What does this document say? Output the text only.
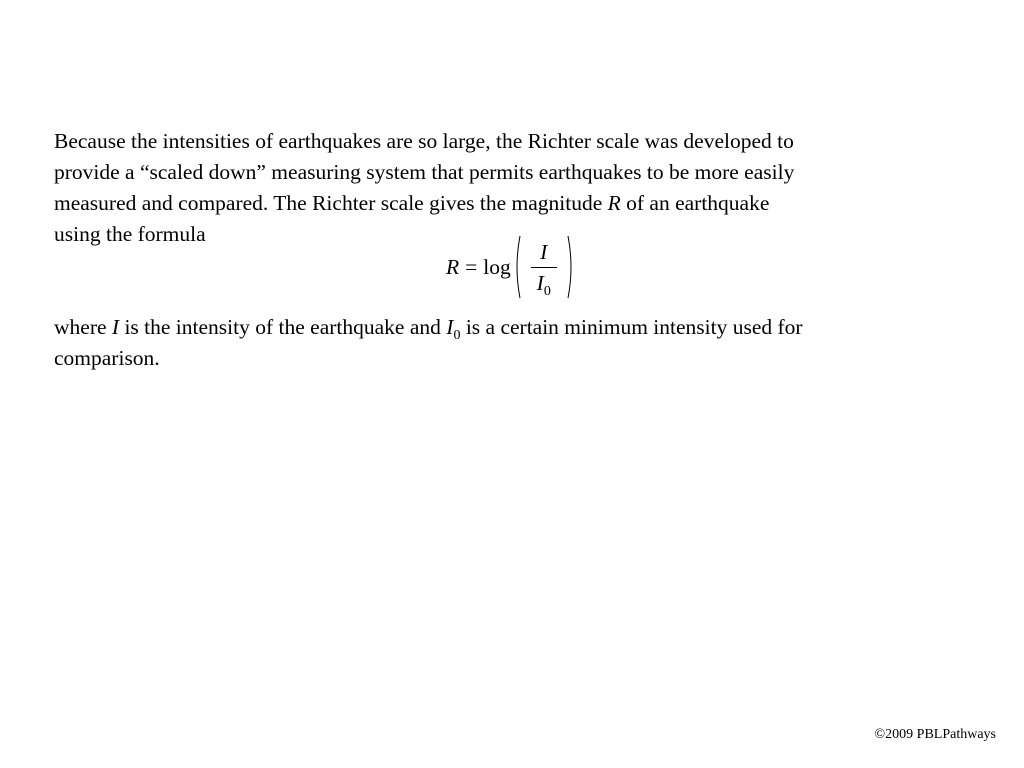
Because the intensities of earthquakes are so large, the Richter scale was developed to
provide a “scaled down” measuring system that permits earthquakes to be more easily
measured and compared. The Richter scale gives the magnitude R of an earthquake
using the formula

$R = \log \frac{I}{I_0}$

where I is the intensity of the earthquake and $I_0$ is a certain minimum intensity used for
comparison.

©2009 PBLPathways
